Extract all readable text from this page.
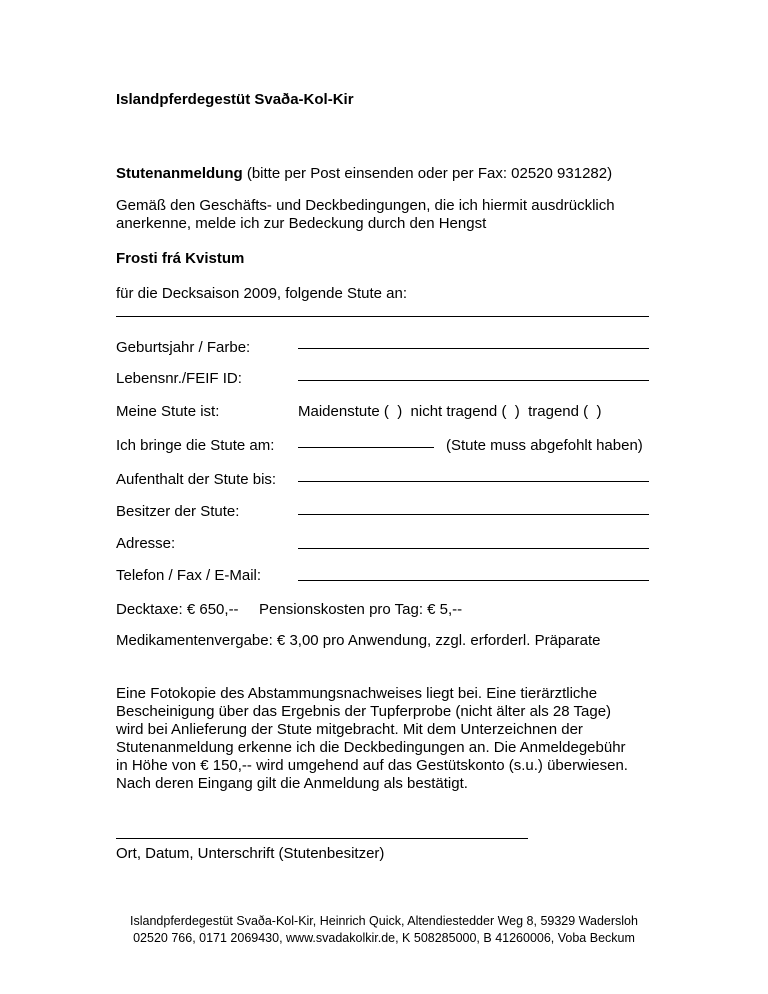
Islandpferdegestüt Svaða-Kol-Kir
Stutenanmeldung (bitte per Post einsenden oder per Fax: 02520 931282)
Gemäß den Geschäfts- und Deckbedingungen, die ich hiermit ausdrücklich anerkenne, melde ich zur Bedeckung durch den Hengst
Frosti frá Kvistum
für die Decksaison 2009, folgende Stute an:
Geburtsjahr / Farbe:
Lebensnr./FEIF ID:
Meine Stute ist:	Maidenstute (  )  nicht tragend (  )  tragend (  )
Ich bringe die Stute am:	(Stute muss abgefohlt haben)
Aufenthalt der Stute bis:
Besitzer der Stute:
Adresse:
Telefon / Fax / E-Mail:
Decktaxe: € 650,-- Pensionskosten pro Tag: € 5,--
Medikamentenvergabe: € 3,00 pro Anwendung, zzgl. erforderl. Präparate
Eine Fotokopie des Abstammungsnachweises liegt bei. Eine tierärztliche
Bescheinigung über das Ergebnis der Tupferprobe (nicht älter als 28 Tage)
wird bei Anlieferung der Stute mitgebracht. Mit dem Unterzeichnen der
Stutenanmeldung erkenne ich die Deckbedingungen an. Die Anmeldegebühr
in Höhe von € 150,-- wird umgehend auf das Gestütskonto (s.u.) überwiesen.
Nach deren Eingang gilt die Anmeldung als bestätigt.
Ort, Datum, Unterschrift (Stutenbesitzer)
Islandpferdegestüt Svaða-Kol-Kir, Heinrich Quick, Altendiestedder Weg 8, 59329 Wadersloh
02520 766, 0171 2069430, www.svadakolkir.de, K 508285000, B 41260006, Voba Beckum
